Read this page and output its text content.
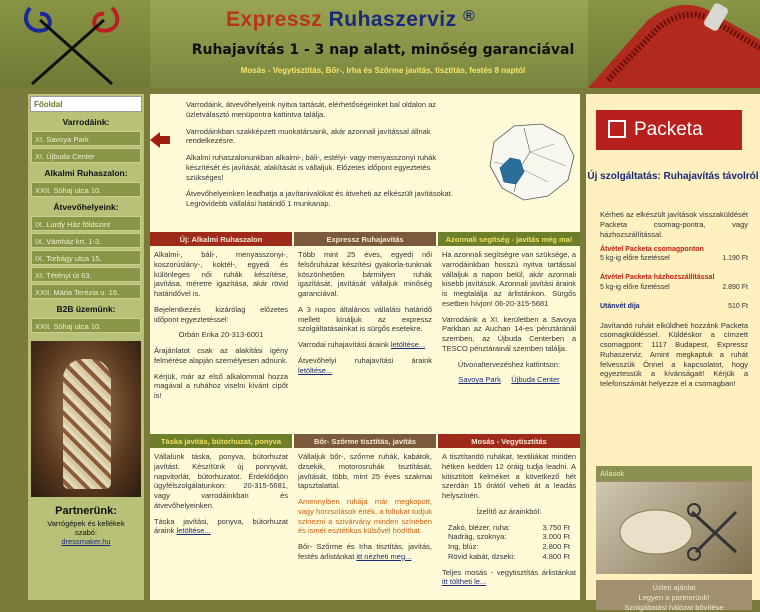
Expressz Ruhaszerviz ®
Ruhajavítás 1 - 3 nap alatt, minőség garanciával
Mosás - Vegytisztítás, Bőr-, Irha és Szőrme javítás, tisztítás, festés 8 naptól
Főoldal
Varrodáink:
XI. Savoya Park
XI. Újbuda Center
Alkalmi Ruhaszalon:
XXII. Sóhaj utca 10.
Átvevőhelyeink:
IX. Lurdy Ház földszint
IX. Vámház krt. 1-3.
IX. Torbágy utca 15.
XI. Tétényi út 63.
XXII. Mária Terézia u. 16.
B2B üzemünk:
XXII. Sóhaj utca 10.
Partnerünk:
Varrógépek és kellékek
szabó:
dressmaker.hu

Varrodáink, átvevőhelyeink nyitva tartását, elérhetőségeinket bal oldalon az üzletválasztó menüpontra kattintva találja.

Varrodáinkban szakképzett munkatársaink, akár azonnali javítással állnak rendelkezésre.

Alkalmi ruhaszalonunkban alkalmi-, báli-, estélyi- vagy menyasszonyi ruhák készítését és javítását, alakítását is vállaljuk. Előzetes időpont egyeztetés szükséges!

Átvevőhelyeinken leadhatja a javítanivalókat és átveheti az elkészült javításokat. Legrövidebb vállalási határidő 1 munkanap.

Új: Alkalmi Ruhaszalon

Alkalmi-, báli-, menyasszonyi-, koszorúslány-, koktél-, egyedi és különleges női ruhák készítése, javítása, méretre igazítása, akár rövid határidővel is.

Bejelentkezés kizárólag előzetes időpont egyeztetéssel:

Orbán Erika 20-313-6001

Árajánlatot csak az alakítási igény felmérése alapján személyesen adnunk.

Kérjük, már az első alkalommal hozza magával a ruhához viselni kívánt cipőt is!

Expressz Ruhajavítás

Több mint 25 éves, egyedi női felsőruházat készítési gyakorla-tunknak köszönhetően bármilyen ruhák igazítását, javítását vállaljuk minőség garanciával.

A 3 napos általános vállalási határidő mellett kínáljuk az expressz szolgáltatásainkat is sürgős esetekre.

Varrodai ruhajavítási áraink letöltése...

Átvevőhelyi ruhajavítási áraink letöltése...

Azonnali segítség - javítás még ma!

Ha azonnali segítségre van szüksége, a varrodáinkban hosszú nyitva tartással vállaljuk a napon belül, akár azonnali kisebb javítások. Azonnali javítási áraink is megtalálja az árlistánkon. Sürgős esetben hívjon! 06-20-315-5681

Varrodáink a XI. kerületben a Savoya Parkban az Auchan 14-es pénztáránál szemben, az Újbuda Centerben a TESCO pénztárainál szemben találja.

Útvonaltervezéshez kattintson:

Savoya Park Újbuda Center

Táska javítás, bútorhuzat, ponyva

Vállalunk táska, ponyva, bútorhuzat javítást. Készítünk új ponnyvát, napvitorlát, bútorhuzatot. Érdeklődjön ügyfélszolgálatunkon: 20-315-5681, vagy varrodáinkban és átvevőhelyeinken.

Táska javítási, ponyva, bútorhuzat áraink letöltése...

Bőr- Szőrme tisztítás, javítás

Vállaljuk bőr-, szőrme ruhák, kabátok, dzsekik, motorosruhák tisztítását, javítását, több, mint 25 éves szakmai tapsztalattal.

Amennyiben ruhája már megkopott, vagy horzsolások érték, a foltokat tudjuk szinezni a szivárvány minden színében és ismét esztétikus külsővel hódíthat.

Bőr- Szőrme és Irha tisztítás, javítás, festés árlistánkat itt nézheti meg...

Mosás - Vegytisztítás

A tisztítandó ruhákat, textiliákat minden hétken kedden 12 óráig tudja leadni. A kitisztított kelméket a következő hét szerdán 15 órától veheti át a leadás helyszínén.

Ízelítő az árainkból:

Zakó, blézer, ruha:	3.750 Ft
Nadrág, szoknya:	3.000 Ft
Ing, blúz:	2.800 Ft
Rövid kabát, dzseki:	4.800 Ft

Teljes mosás - vegytisztítás árlistánkat itt töltheti le...

Packeta
Új szolgáltatás: Ruhajavítás távolról

Kérheti az elkészült javítások visszaküldését Packeta csomag-pontra, vagy házhozszállítással.

Átvétel Packeta csomagponton
5 kg-ig előre fizetéssel	1.190 Ft
Átvétel Packeta házhozszállítással
5 kg-ig előre fizetéssel	2.890 Ft
Utánvét díja	510 Ft

Javítandó ruháit elküldheti hozzánk Packeta csomagküldéssel. Küldéskor a címzett csomagpont: 1117 Budapest, Expressz Ruhaszerviz. Amint megkaptuk a ruhát felvesszük Önnel a kapcsolatot, hogy egyeztessük a kívánságait! Kérjük a telefonszámát helyezze el a csomagban!

Állások
Üzleti ajánlat
Legyen a partnerünk!
Szolgáltatási hálózat bővítése
